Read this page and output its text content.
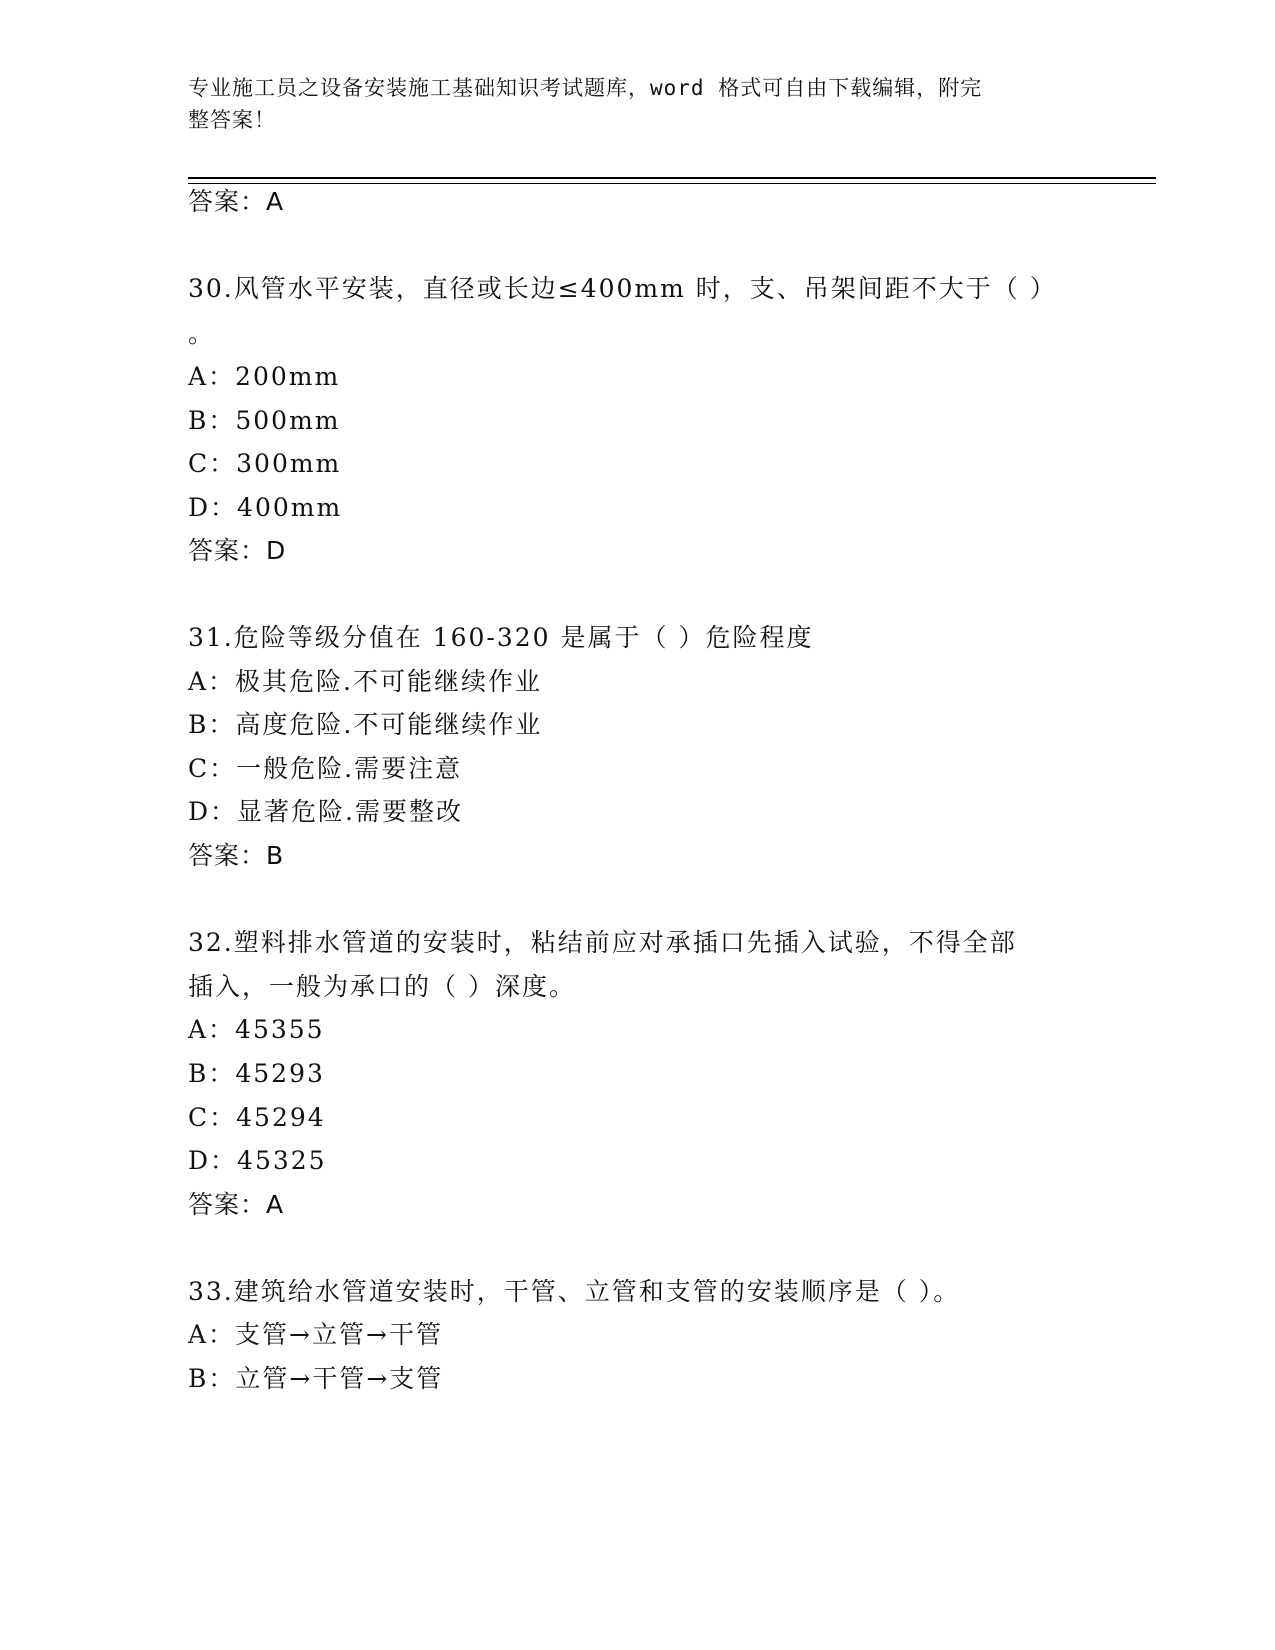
专业施工员之设备安装施工基础知识考试题库，word 格式可自由下载编辑，附完
整答案！
答案：A
30.风管水平安装，直径或长边≤400mm 时，支、吊架间距不大于（ ）
。
A：200mm
B：500mm
C：300mm
D：400mm
答案：D
31.危险等级分值在 160-320 是属于（ ）危险程度
A：极其危险.不可能继续作业
B：高度危险.不可能继续作业
C：一般危险.需要注意
D：显著危险.需要整改
答案：B
32.塑料排水管道的安装时，粘结前应对承插口先插入试验，不得全部
插入，一般为承口的（ ）深度。
A：45355
B：45293
C：45294
D：45325
答案：A
33.建筑给水管道安装时，干管、立管和支管的安装顺序是（ ）。
A：支管→立管→干管
B：立管→干管→支管
